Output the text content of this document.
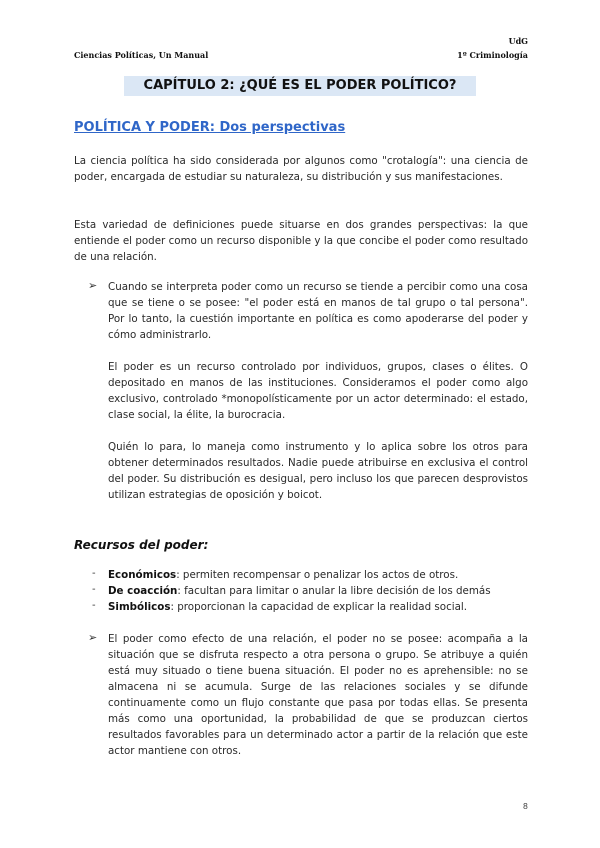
Ciencias Políticas, Un Manual
UdG
1º Criminología
CAPÍTULO 2: ¿QUÉ ES EL PODER POLÍTICO?
POLÍTICA Y PODER: Dos perspectivas

La ciencia política ha sido considerada por algunos como "crotalogía": una ciencia de poder, encargada de estudiar su naturaleza, su distribución y sus manifestaciones.

Esta variedad de definiciones puede situarse en dos grandes perspectivas: la que entiende el poder como un recurso disponible y la que concibe el poder como resultado de una relación.

➢ Cuando se interpreta poder como un recurso se tiende a percibir como una cosa que se tiene o se posee: "el poder está en manos de tal grupo o tal persona". Por lo tanto, la cuestión importante en política es como apoderarse del poder y cómo administrarlo.

El poder es un recurso controlado por individuos, grupos, clases o élites. O depositado en manos de las instituciones. Consideramos el poder como algo exclusivo, controlado *monopolísticamente por un actor determinado: el estado, clase social, la élite, la burocracia.

Quién lo para, lo maneja como instrumento y lo aplica sobre los otros para obtener determinados resultados. Nadie puede atribuirse en exclusiva el control del poder. Su distribución es desigual, pero incluso los que parecen desprovistos utilizan estrategias de oposición y boicot.

Recursos del poder:
- Económicos: permiten recompensar o penalizar los actos de otros.

- De coacción: facultan para limitar o anular la libre decisión de los demás

- Simbólicos: proporcionan la capacidad de explicar la realidad social.

➢ El poder como efecto de una relación, el poder no se posee: acompaña a la situación que se disfruta respecto a otra persona o grupo. Se atribuye a quién está muy situado o tiene buena situación. El poder no es aprehensible: no se almacena ni se acumula. Surge de las relaciones sociales y se difunde continuamente como un flujo constante que pasa por todas ellas. Se presenta más como una oportunidad, la probabilidad de que se produzcan ciertos resultados favorables para un determinado actor a partir de la relación que este actor mantiene con otros.

8
